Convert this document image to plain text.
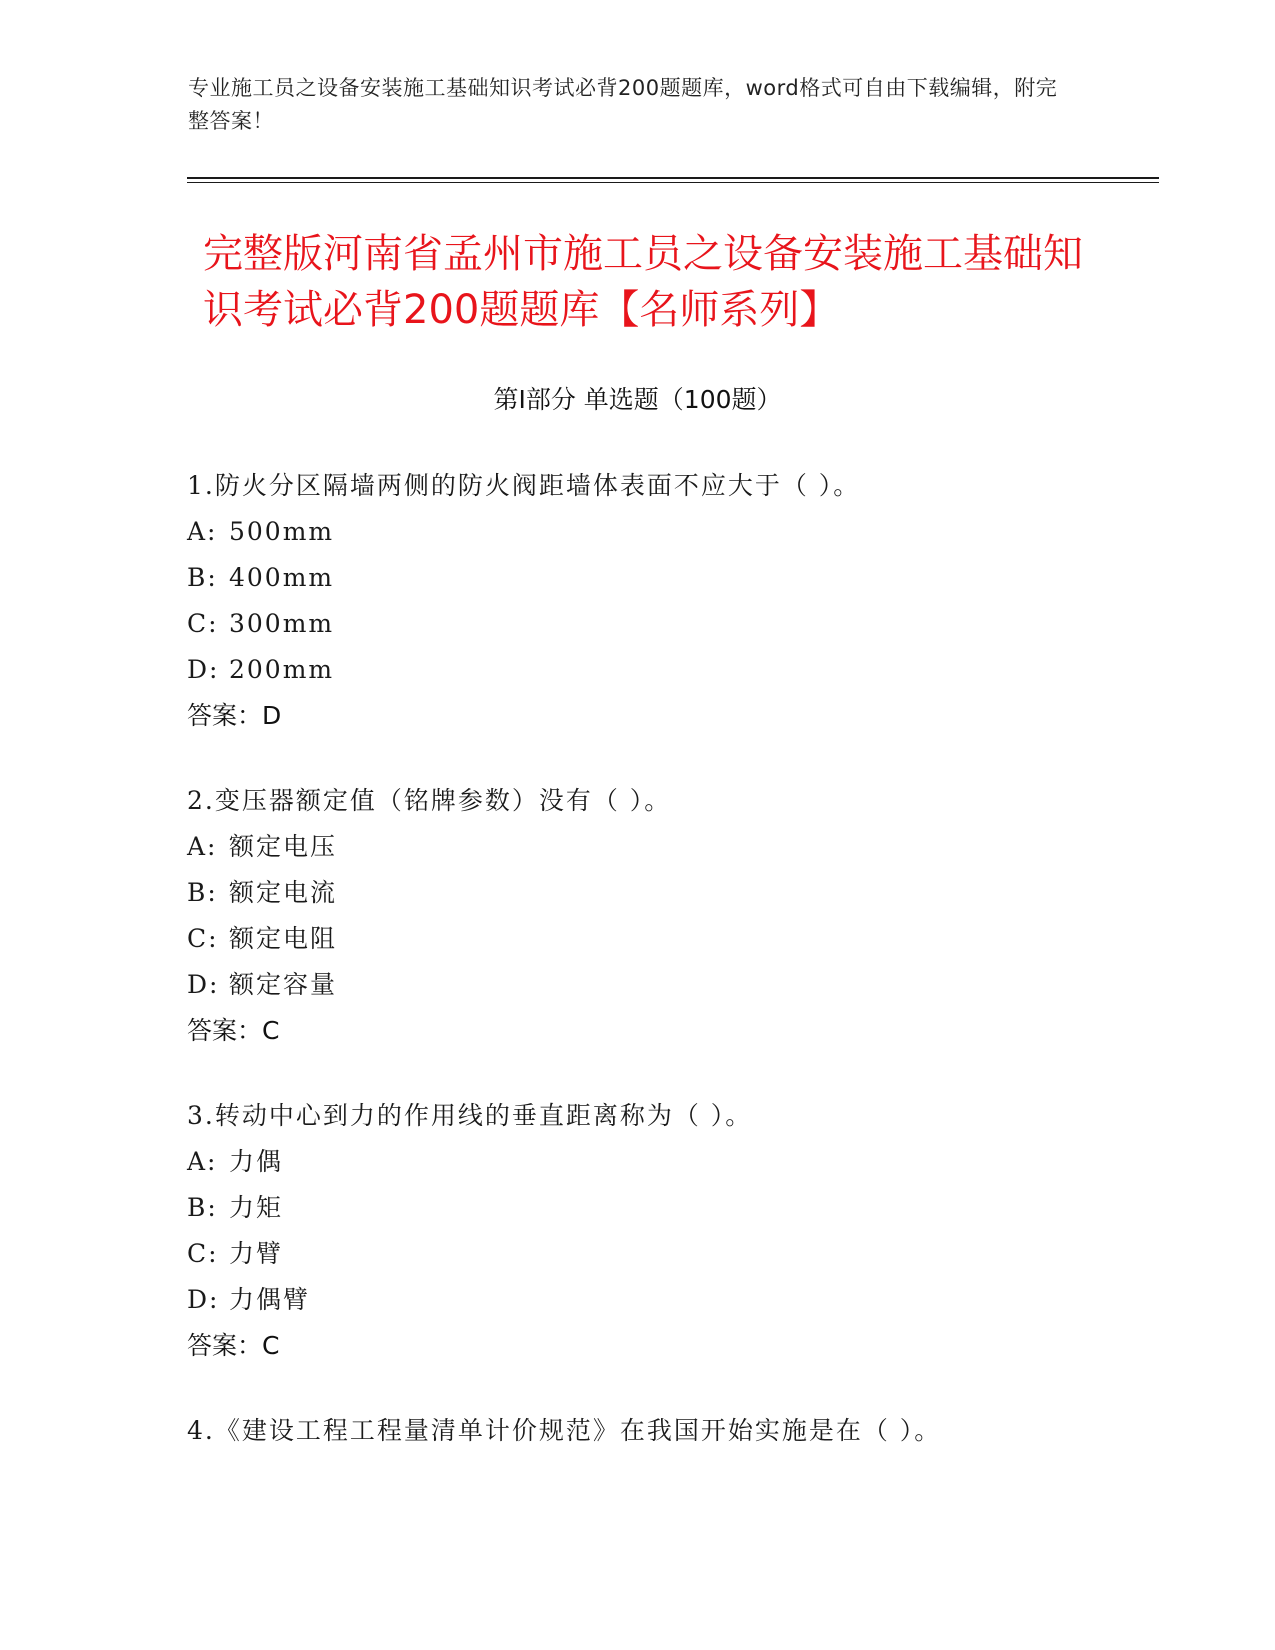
专业施工员之设备安装施工基础知识考试必背200题题库，word格式可自由下载编辑，附完整答案！
完整版河南省孟州市施工员之设备安装施工基础知识考试必背200题题库【名师系列】
第Ⅰ部分 单选题（100题）
1.防火分区隔墙两侧的防火阀距墙体表面不应大于（ ）。
A: 500mm
B: 400mm
C: 300mm
D: 200mm
答案：D
2.变压器额定值（铭牌参数）没有（ ）。
A: 额定电压
B: 额定电流
C: 额定电阻
D: 额定容量
答案：C
3.转动中心到力的作用线的垂直距离称为（ ）。
A: 力偶
B: 力矩
C: 力臂
D: 力偶臂
答案：C
4.《建设工程工程量清单计价规范》在我国开始实施是在（ ）。
